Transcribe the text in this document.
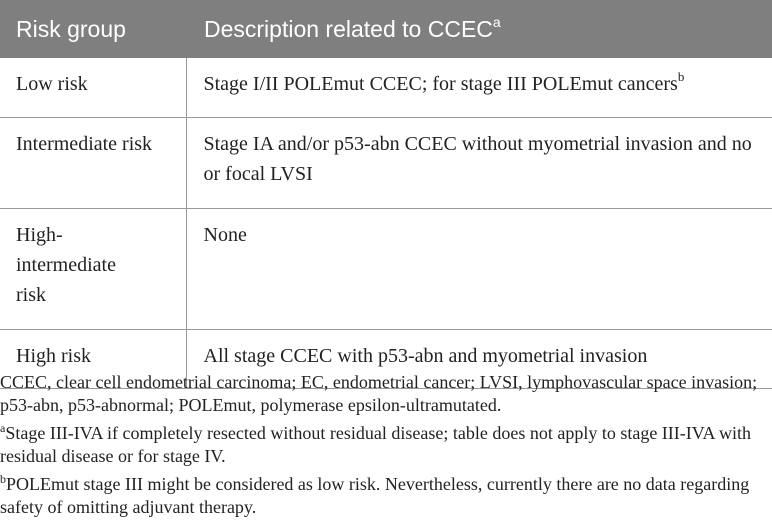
Risk group	Description related to CCEC$^a$
Low risk	Stage I/II POLEmut CCEC; for stage III POLEmut cancers$^b$
Intermediate risk	Stage IA and/or p53-abn CCEC without myometrial invasion and no or focal LVSI
High-intermediate risk	None
High risk	All stage CCEC with p53-abn and myometrial invasion

CCEC, clear cell endometrial carcinoma; EC, endometrial cancer; LVSI, lymphovascular space invasion; p53-abn, p53-abnormal; POLEmut, polymerase epsilon-ultramutated.

$^a$Stage III-IVA if completely resected without residual disease; table does not apply to stage III-IVA with residual disease or for stage IV.

$^b$POLEmut stage III might be considered as low risk. Nevertheless, currently there are no data regarding safety of omitting adjuvant therapy.
